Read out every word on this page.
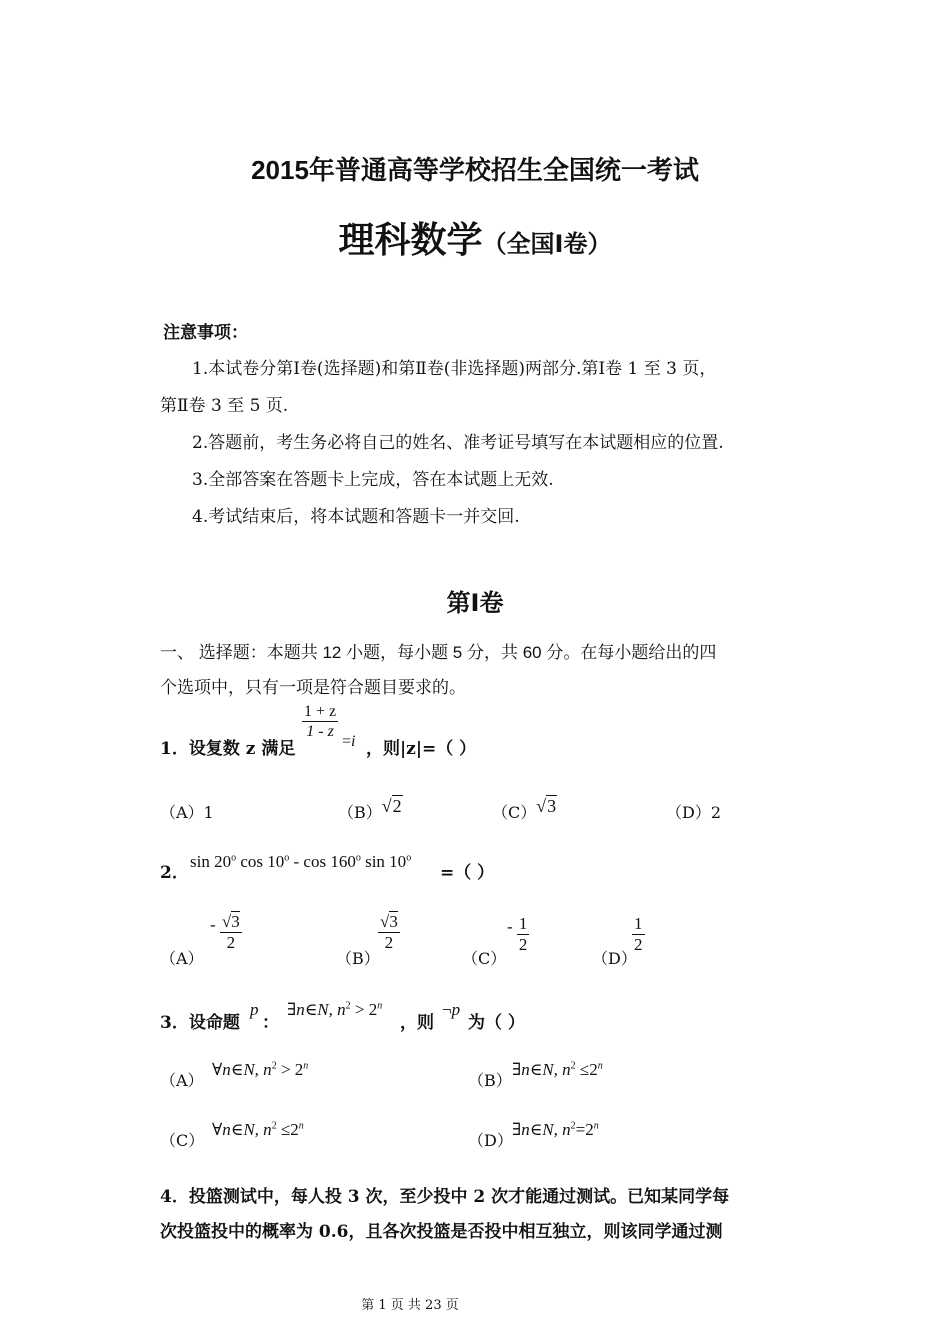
2015年普通高等学校招生全国统一考试
理科数学（全国Ⅰ卷）
注意事项：
1.本试卷分第Ⅰ卷(选择题)和第Ⅱ卷(非选择题)两部分.第Ⅰ卷 1 至 3 页，
第Ⅱ卷 3 至 5 页.
2.答题前，考生务必将自己的姓名、准考证号填写在本试题相应的位置.
3.全部答案在答题卡上完成，答在本试题上无效.
4.考试结束后，将本试题和答题卡一并交回.
第Ⅰ卷
一、 选择题：本题共 12 小题，每小题 5 分，共 60 分。在每小题给出的四
个选项中，只有一项是符合题目要求的。
1．设复数 z 满足
$\frac{1 + z}{1 - z} =i$ ，则|z|=（ ）
（A）1	（B）√2	（C）√3	（D）2
2．
sin 20$^o$ cos 10$^o$ - cos 160$^o$ $\sin 10^o$
=（ ）
（A）
- $\frac{√3}{2}$
（B）
$\frac{√3}{2}$
（C）
- $\frac{1}{2}$
（D）
$\frac{1}{2}$
3．设命题
p
：
∃n∈N, $n^2 > 2^n$
，则
¬p
为（ ）
（A）
∀n∈N, $n^2 > 2^n$
（B）
∃n∈N, $n^2 \le 2^n$
（C）
∀n∈N, $n^2 \le 2^n$
（D）
∃n∈N, $n^2=2^n$
4．投篮测试中，每人投 3 次，至少投中 2 次才能通过测试。已知某同学每
次投篮投中的概率为 0.6，且各次投篮是否投中相互独立，则该同学通过测
第 1 页 共 23 页
